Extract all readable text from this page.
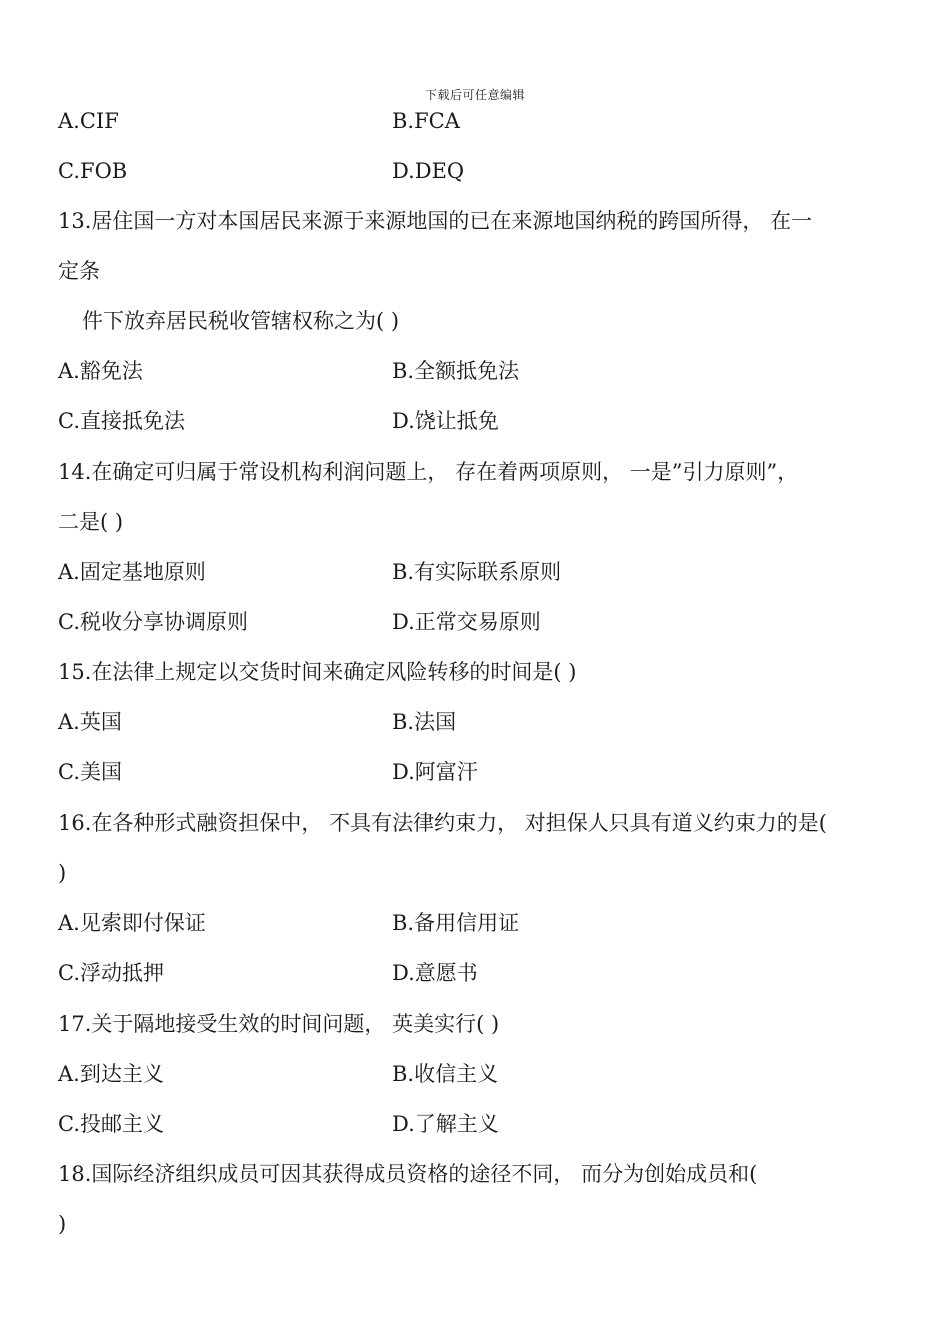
下载后可任意编辑
A.CIF	B.FCA
C.FOB	D.DEQ
13.居住国一方对本国居民来源于来源地国的已在来源地国纳税的跨国所得， 在一
定条
件下放弃居民税收管辖权称之为( )
A.豁免法	B.全额抵免法
C.直接抵免法	D.饶让抵免
14.在确定可归属于常设机构利润问题上， 存在着两项原则， 一是”引力原则”，
二是( )
A.固定基地原则	B.有实际联系原则
C.税收分享协调原则	D.正常交易原则
15.在法律上规定以交货时间来确定风险转移的时间是( )
A.英国	B.法国
C.美国	D.阿富汗
16.在各种形式融资担保中， 不具有法律约束力， 对担保人只具有道义约束力的是(
)
A.见索即付保证	B.备用信用证
C.浮动抵押	D.意愿书
17.关于隔地接受生效的时间问题， 英美实行( )
A.到达主义	B.收信主义
C.投邮主义	D.了解主义
18.国际经济组织成员可因其获得成员资格的途径不同， 而分为创始成员和(
)
